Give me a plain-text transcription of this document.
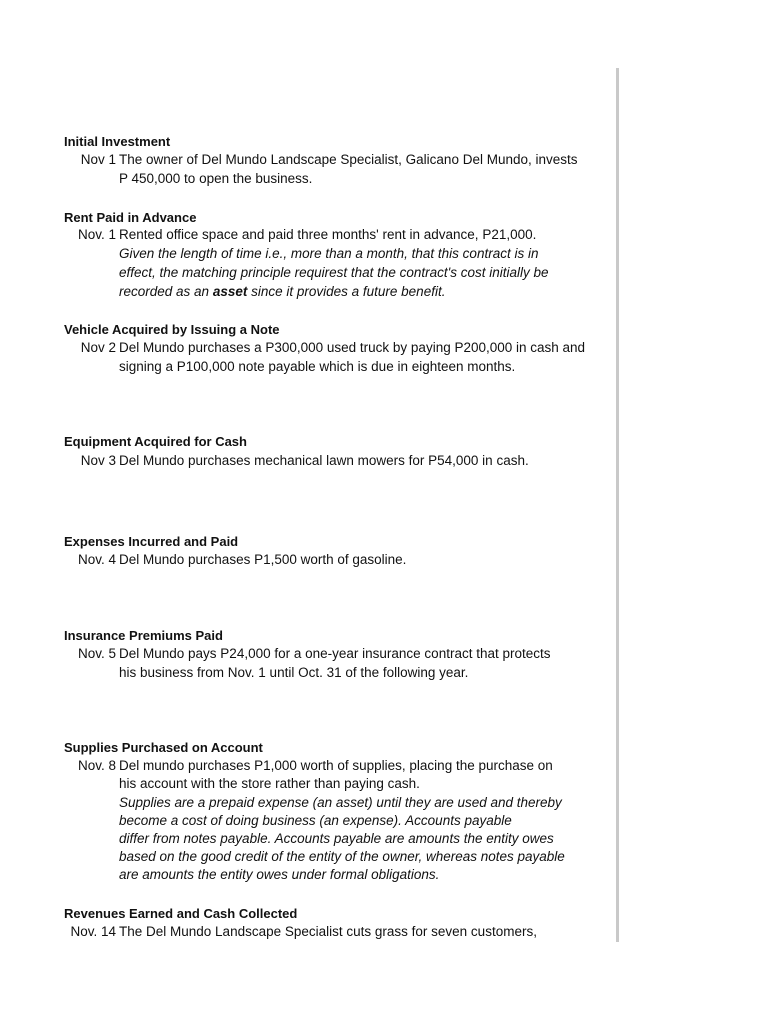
Initial Investment
Nov 1 The owner of Del Mundo Landscape Specialist, Galicano Del Mundo, invests
P 450,000 to open the business.
Rent Paid in Advance
Nov. 1 Rented office space and paid three months' rent in advance, P21,000.
Given the length of time i.e., more than a month, that this contract is in
effect, the matching principle requirest that the contract's cost initially be
recorded as an asset since it provides a future benefit.
Vehicle Acquired by Issuing a Note
Nov 2 Del Mundo purchases a P300,000 used truck by paying P200,000 in cash and
signing a P100,000 note payable which is due in eighteen months.
Equipment Acquired for Cash
Nov 3 Del Mundo purchases mechanical lawn mowers for P54,000 in cash.
Expenses Incurred and Paid
Nov. 4 Del Mundo purchases P1,500 worth of gasoline.
Insurance Premiums Paid
Nov. 5 Del Mundo pays P24,000 for a one-year insurance contract that protects
his business from Nov. 1 until Oct. 31 of the following year.
Supplies Purchased on Account
Nov. 8 Del mundo purchases P1,000 worth of supplies, placing the purchase on
his account with the store rather than paying cash.
Supplies are a prepaid expense (an asset) until they are used and thereby
become a cost of doing business (an expense). Accounts payable
differ from notes payable. Accounts payable are amounts the entity owes
based on the good credit of the entity of the owner, whereas notes payable
are amounts the entity owes under formal obligations.
Revenues Earned and Cash Collected
Nov. 14 The Del Mundo Landscape Specialist cuts grass for seven customers,
